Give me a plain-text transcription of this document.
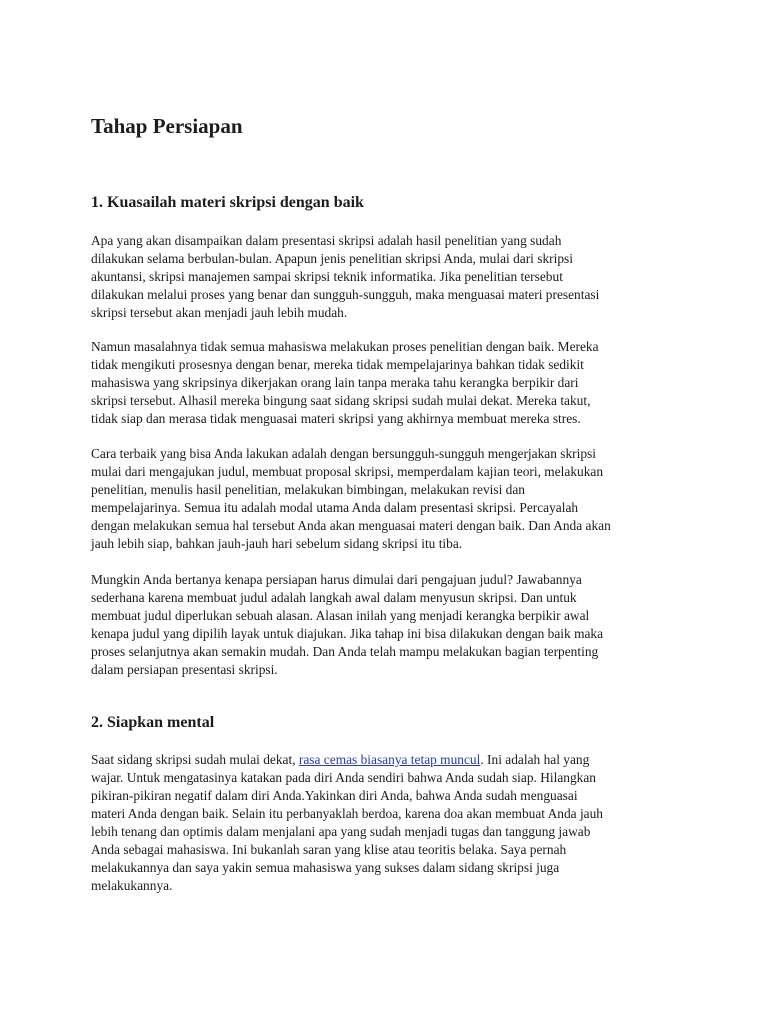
Tahap Persiapan
1. Kuasailah materi skripsi dengan baik

Apa yang akan disampaikan dalam presentasi skripsi adalah hasil penelitian yang sudah
dilakukan selama berbulan-bulan. Apapun jenis penelitian skripsi Anda, mulai dari skripsi
akuntansi, skripsi manajemen sampai skripsi teknik informatika. Jika penelitian tersebut
dilakukan melalui proses yang benar dan sungguh-sungguh, maka menguasai materi presentasi
skripsi tersebut akan menjadi jauh lebih mudah.

Namun masalahnya tidak semua mahasiswa melakukan proses penelitian dengan baik. Mereka
tidak mengikuti prosesnya dengan benar, mereka tidak mempelajarinya bahkan tidak sedikit
mahasiswa yang skripsinya dikerjakan orang lain tanpa meraka tahu kerangka berpikir dari
skripsi tersebut. Alhasil mereka bingung saat sidang skripsi sudah mulai dekat. Mereka takut,
tidak siap dan merasa tidak menguasai materi skripsi yang akhirnya membuat mereka stres.

Cara terbaik yang bisa Anda lakukan adalah dengan bersungguh-sungguh mengerjakan skripsi
mulai dari mengajukan judul, membuat proposal skripsi, memperdalam kajian teori, melakukan
penelitian, menulis hasil penelitian, melakukan bimbingan, melakukan revisi dan
mempelajarinya. Semua itu adalah modal utama Anda dalam presentasi skripsi. Percayalah
dengan melakukan semua hal tersebut Anda akan menguasai materi dengan baik. Dan Anda akan
jauh lebih siap, bahkan jauh-jauh hari sebelum sidang skripsi itu tiba.

Mungkin Anda bertanya kenapa persiapan harus dimulai dari pengajuan judul? Jawabannya
sederhana karena membuat judul adalah langkah awal dalam menyusun skripsi. Dan untuk
membuat judul diperlukan sebuah alasan. Alasan inilah yang menjadi kerangka berpikir awal
kenapa judul yang dipilih layak untuk diajukan. Jika tahap ini bisa dilakukan dengan baik maka
proses selanjutnya akan semakin mudah. Dan Anda telah mampu melakukan bagian terpenting
dalam persiapan presentasi skripsi.

2. Siapkan mental

Saat sidang skripsi sudah mulai dekat, rasa cemas biasanya tetap muncul. Ini adalah hal yang
wajar. Untuk mengatasinya katakan pada diri Anda sendiri bahwa Anda sudah siap. Hilangkan
pikiran-pikiran negatif dalam diri Anda.Yakinkan diri Anda, bahwa Anda sudah menguasai
materi Anda dengan baik. Selain itu perbanyaklah berdoa, karena doa akan membuat Anda jauh
lebih tenang dan optimis dalam menjalani apa yang sudah menjadi tugas dan tanggung jawab
Anda sebagai mahasiswa. Ini bukanlah saran yang klise atau teoritis belaka. Saya pernah
melakukannya dan saya yakin semua mahasiswa yang sukses dalam sidang skripsi juga
melakukannya.
